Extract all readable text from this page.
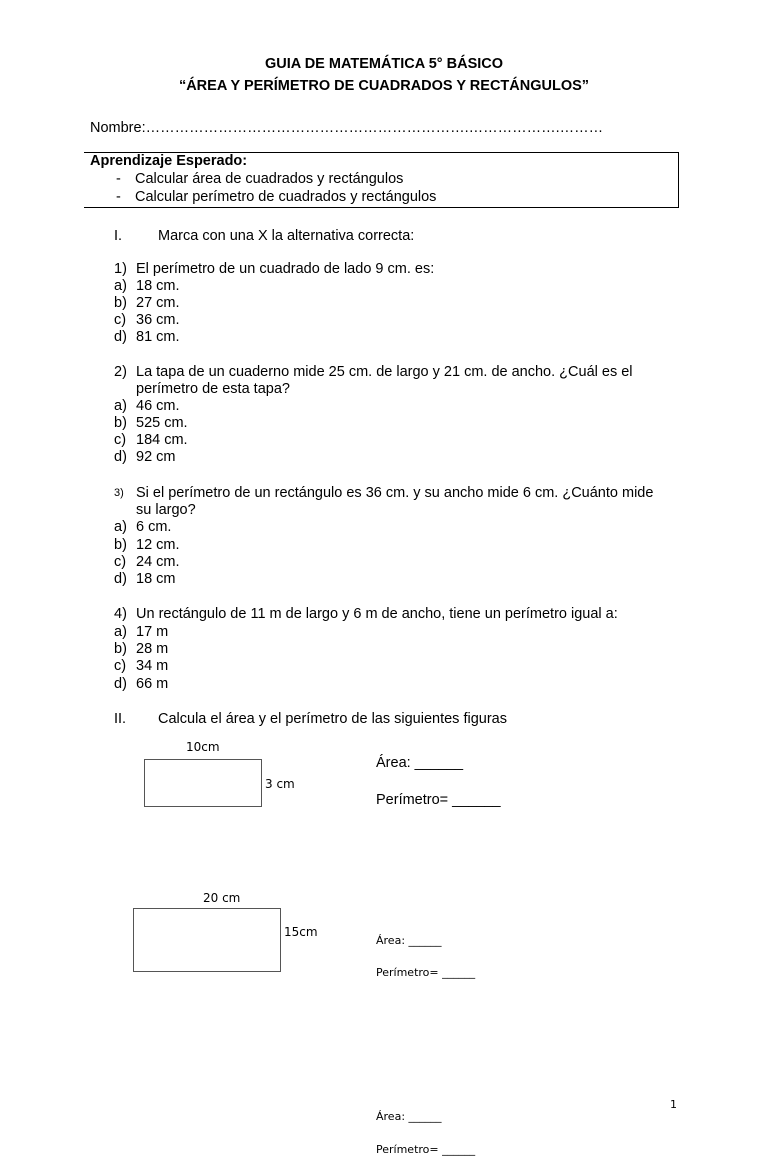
GUIA DE MATEMÁTICA 5° BÁSICO
“ÁREA Y PERÍMETRO DE CUADRADOS Y RECTÁNGULOS”
Nombre:………………………………………………………….……………….………
Aprendizaje Esperado:
- Calcular área de cuadrados y rectángulos
- Calcular perímetro de cuadrados y rectángulos
I. Marca con una X la alternativa correcta:
1) El perímetro de un cuadrado de lado 9 cm. es:
a) 18 cm.
b) 27 cm.
c) 36 cm.
d) 81 cm.
2) La tapa de un cuaderno mide 25 cm. de largo y 21 cm. de ancho. ¿Cuál es el
perímetro de esta tapa?
a) 46 cm.
b) 525 cm.
c) 184 cm.
d) 92 cm
3) Si el perímetro de un rectángulo es 36 cm. y su ancho mide 6 cm. ¿Cuánto mide
su largo?
a) 6 cm.
b) 12 cm.
c) 24 cm.
d) 18 cm
4) Un rectángulo de 11 m de largo y 6 m de ancho, tiene un perímetro igual a:
a) 17 m
b) 28 m
c) 34 m
d) 66 m
II. Calcula el área y el perímetro de las siguientes figuras
10cm
3 cm
Área: ______
Perímetro= ______
20 cm
15cm
Área: ______
Perímetro= ______
1
Área: ______
Perímetro= ______
